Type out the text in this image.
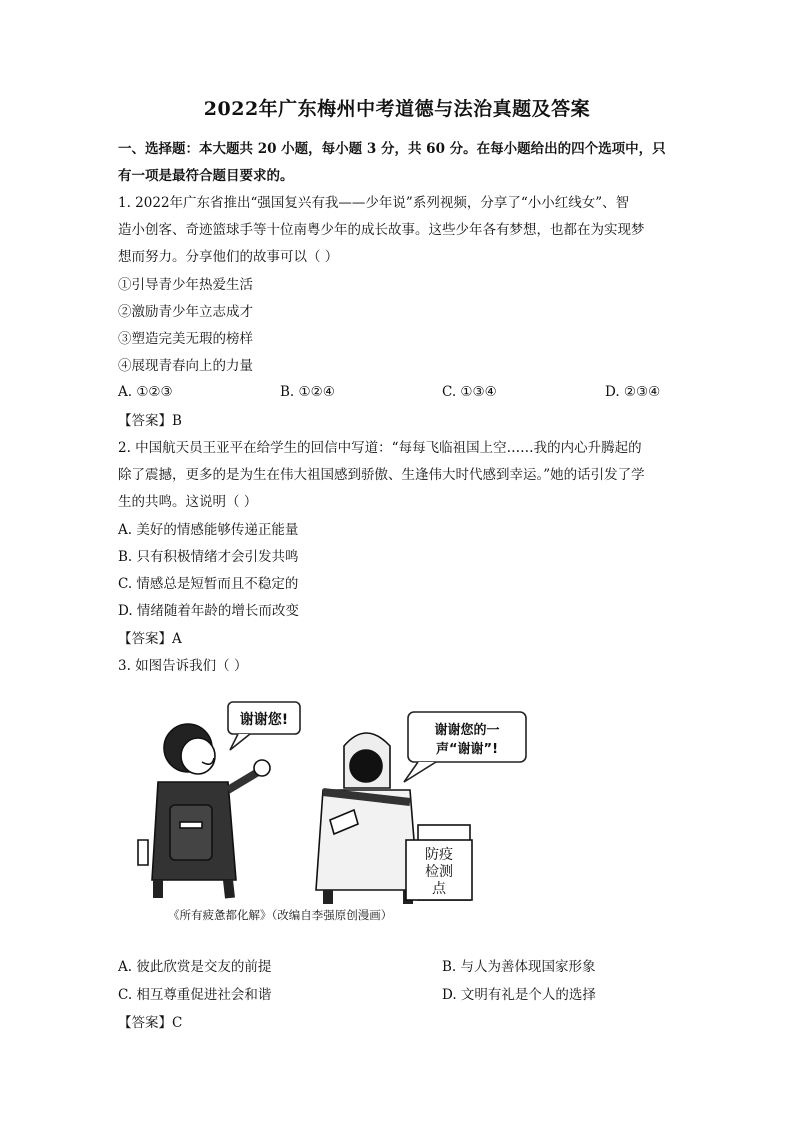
2022年广东梅州中考道德与法治真题及答案
一、选择题：本大题共 20 小题，每小题 3 分，共 60 分。在每小题给出的四个选项中，只
有一项是最符合题目要求的。
1. 2022年广东省推出“强国复兴有我——少年说”系列视频，分享了“小小红线女”、智
造小创客、奇迹篮球手等十位南粤少年的成长故事。这些少年各有梦想，也都在为实现梦
想而努力。分享他们的故事可以（ ）
①引导青少年热爱生活
②激励青少年立志成才
③塑造完美无瑕的榜样
④展现青春向上的力量
A. ①②③	B. ①②④	C. ①③④	D. ②③④
【答案】B
2. 中国航天员王亚平在给学生的回信中写道：“每每飞临祖国上空……我的内心升腾起的
除了震撼，更多的是为生在伟大祖国感到骄傲、生逢伟大时代感到幸运。”她的话引发了学
生的共鸣。这说明（ ）
A. 美好的情感能够传递正能量
B. 只有积极情绪才会引发共鸣
C. 情感总是短暂而且不稳定的
D. 情绪随着年龄的增长而改变
【答案】A
3. 如图告诉我们（ ）
谢谢您!
谢谢您的一
声“谢谢”!
防疫
检测
点
《所有疲惫都化解》（改编自李强原创漫画）
A. 彼此欣赏是交友的前提	B. 与人为善体现国家形象
C. 相互尊重促进社会和谐	D. 文明有礼是个人的选择
【答案】C
